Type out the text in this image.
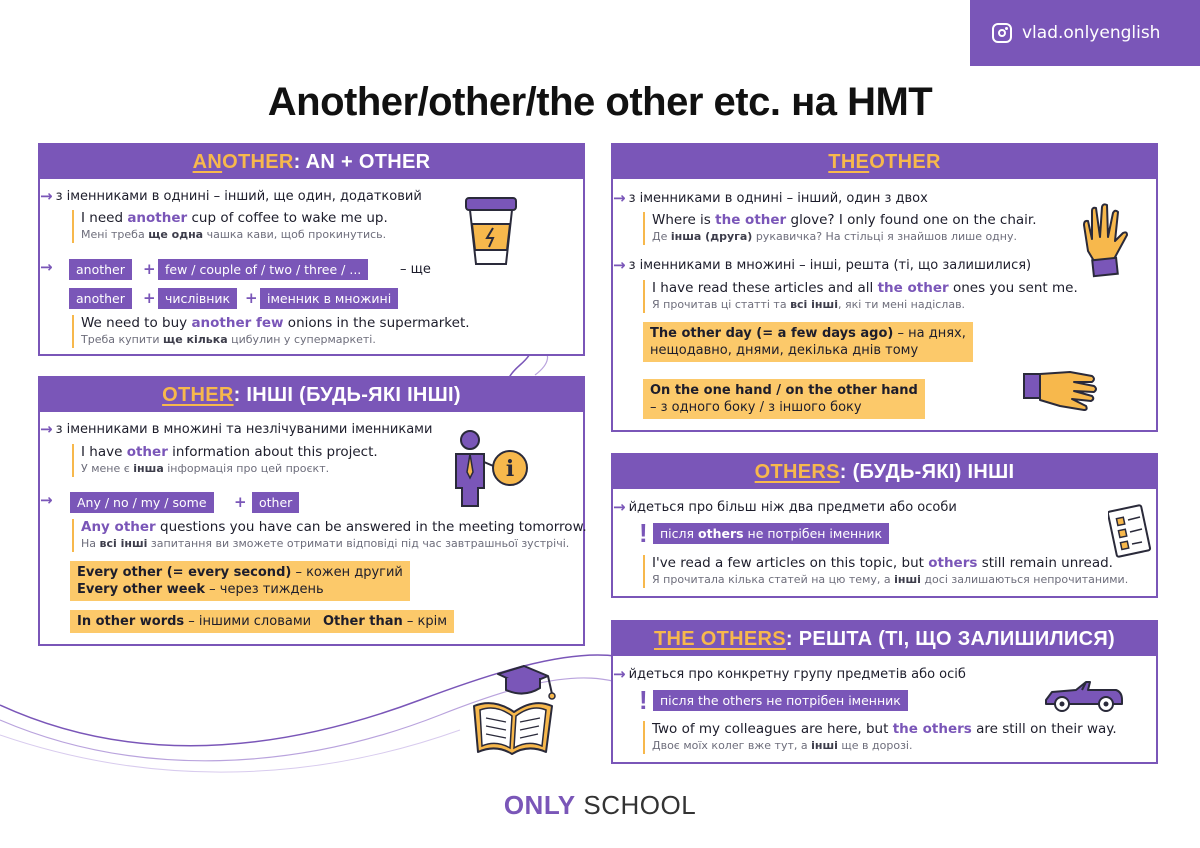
vlad.onlyenglish
Another/other/the other etc. на НМТ
AN OTHER : AN + OTHER
→ з іменниками в однині – інший, ще один, додатковий
I need another cup of coffee to wake me up.
Мені треба ще одна чашка кави, щоб прокинутись.
→	another	+ few / couple of / two / three / ...	– ще
another	+ числівник + іменник в множині
We need to buy another few onions in the supermarket.
Треба купити ще кілька цибулин у супермаркеті.
OTHER : ІНШІ (БУДЬ-ЯКІ ІНШІ)
→ з іменниками в множині та незлічуваними іменниками
I have other information about this project.
У мене є інша інформація про цей проєкт.
→	Any / no / my / some	+ other
Any other questions you have can be answered in the meeting tomorrow.
На всі інші запитання ви зможете отримати відповіді під час завтрашньої зустрічі.
Every other (= every second) – кожен другий
Every other week – через тиждень
In other words – іншими словами Other than – крім
i
THE OTHER
→ з іменниками в однині – інший, один з двох
Where is the other glove? I only found one on the chair.
Де інша (друга) рукавичка? На стільці я знайшов лише одну.
→ з іменниками в множині – інші, решта (ті, що залишилися)
I have read these articles and all the other ones you sent me.
Я прочитав ці статті та всі інші, які ти мені надіслав.
The other day (= a few days ago) – на днях,
нещодавно, днями, декілька днів тому
On the one hand / on the other hand
– з одного боку / з іншого боку
OTHERS : (БУДЬ-ЯКІ) ІНШІ
→ йдеться про більш ніж два предмети або особи
! після others не потрібен іменник
I've read a few articles on this topic, but others still remain unread.
Я прочитала кілька статей на цю тему, а інші досі залишаються непрочитаними.
THE OTHERS : РЕШТА (ТІ, ЩО ЗАЛИШИЛИСЯ)
→ йдеться про конкретну групу предметів або осіб
! після the others не потрібен іменник
Two of my colleagues are here, but the others are still on their way.
Двоє моїх колег вже тут, а інші ще в дорозі.
ONLY SCHOOL
